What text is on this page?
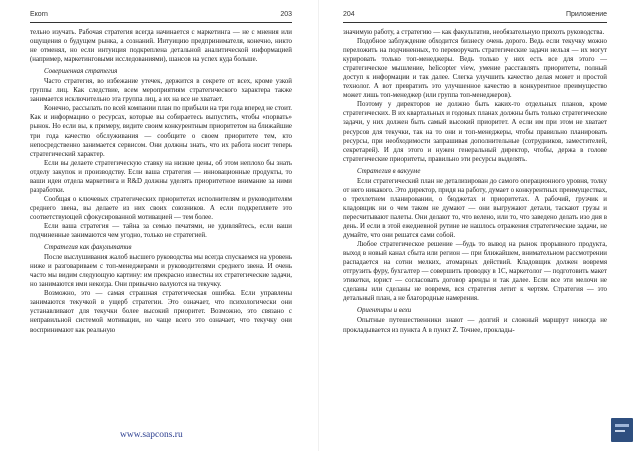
Eкоrn	203

тельно изучать. Рабочая стратегия всегда начинается с маркетинга — не с мнения или ощущения о будущем рынка, а сознаний. Интуицию предпринимателя, конечно, никто не отменял, но если интуиция подкреплена детальной аналитической информацией (например, маркетинговыми исследованиями), шансов на успех куда больше.

Совершенная стратегия

Часто стратегия, во избежание утечек, держится в секрете от всех, кроме узкой группы лиц. Как следствие, всем мероприятиям стратегического характера также занимается исключительно эта группа лиц, а их на все не хватает.

Конечно, рассылать по всей компании план по прибыли на три года вперед не стоит. Как и информацию о ресурсах, которые вы собираетесь выпустить, чтобы «порвать» рынок. Но если вы, к примеру, видите своим конкурентным приоритетом на ближайшие три года качество обслуживания — сообщите о своем приоритете тем, кто непосредственно занимается сервисом. Они должны знать, что их работа носит теперь стратегический характер.

Если вы делаете стратегическую ставку на низкие цены, об этом неплохо бы знать отделу закупок и производству. Если ваша стратегия — инновационные продукты, то ваши идеи отдела маркетинга и R&D должны уделять приоритетное внимание за ними разработки.

Сообщая о ключевых стратегических приоритетах исполнителям и руководителям среднего звена, вы делаете из них своих союзников. А если подкрепляете это соответствующей сфокусированной мотивацией — тем более.

Если ваша стратегия — тайна за семью печатями, не удивляйтесь, если ваши подчиненные занимаются чем угодно, только не стратегией.

Стратегия как факультатив

После выслушивания жалоб высшего руководства мы всегда спускаемся на уровень ниже и разговариваем с топ-менеджерами и руководителями среднего звена. И очень часто мы видим следующую картину: им прекрасно известны их стратегические задачи, но занимаются ими некогда. Они привычно валуются на текучку.

Возможно, это — самая страшная стратегическая ошибка. Если управлены занимаются текучкой в ущерб стратегии. Это означает, что психологически они устанавливают для текучки более высокий приоритет. Возможно, это связано с неправильной системой мотивации, но чаще всего это означает, что текучку они воспринимают как реальную

www.sapcons.ru
204	Приложение

значимую работу, а стратегию — как факультатив, необязательную прихоть руководства.

Подобное заблуждение обходится бизнесу очень дорого. Ведь если текучку можно переложить на подчиненных, то переворучать стратегические задачи нельзя — их могут курировать только топ-менеджеры. Ведь только у них есть все для этого — стратегическое мышление, helicopter view, умение расставлять приоритеты, полный доступ к информации и так далее. Слегка улучшить качество делая может и простой технолог. А вот превратить это улучшенное качество в конкурентное преимущество может лишь топ-менеджер (или группа топ-менеджеров).

Поэтому у директоров не должно быть каких-то отдельных планов, кроме стратегических. В их квартальных и годовых планах должны быть только стратегические задачи, у них должен быть самый высокий приоритет. А если им при этом не хватает ресурсов для текучки, так на то они и топ-менеджеры, чтобы правильно планировать ресурсы, при необходимости запрашивая дополнительные (сотрудников, заместителей, секретарей). И для этого и нужен генеральный директор, чтобы, держа в голове стратегические приоритеты, правильно эти ресурсы выделять.

Стратегия в вакууме

Если стратегический план не детализирован до самого операционного уровня, толку от него никакого. Это директор, придя на работу, думает о конкурентных преимуществах, о трехлетнем планировании, о бюджетах и приоритетах. А рабочий, грузчик и кладовщик ни о чем таком не думают — они выгружают детали, таскают грузы и пересчитывают палеты. Они делают то, что велено, или то, что заведено делать изо дня в день. И если в этой ежедневной рутине не нашлось отражения стратегические задачи, не думайте, что они решатся сами собой.

Любое стратегическое решение —будь то вывод на рынок прорывного продукта, выход в новый канал сбыта или регион — при ближайшем, внимательном рассмотрении распадается на сотни мелких, атомарных действий. Кладовщик должен вовремя отгрузить фуру, бухгалтер — совершить проводку в 1С, маркетолог — подготовить макет этикетки, юрист — согласовать договор аренды и так далее. Если все эти мелочи не сделаны или сделаны не вовремя, вся стратегия летит к чертям. Стратегия — это детальный план, а не благородные намерения.

Ориентиры и вехи

Опытные путешественники знают — долгий и сложный маршрут никогда не прокладывается из пункта А в пункт Z. Точнее, проклады-
